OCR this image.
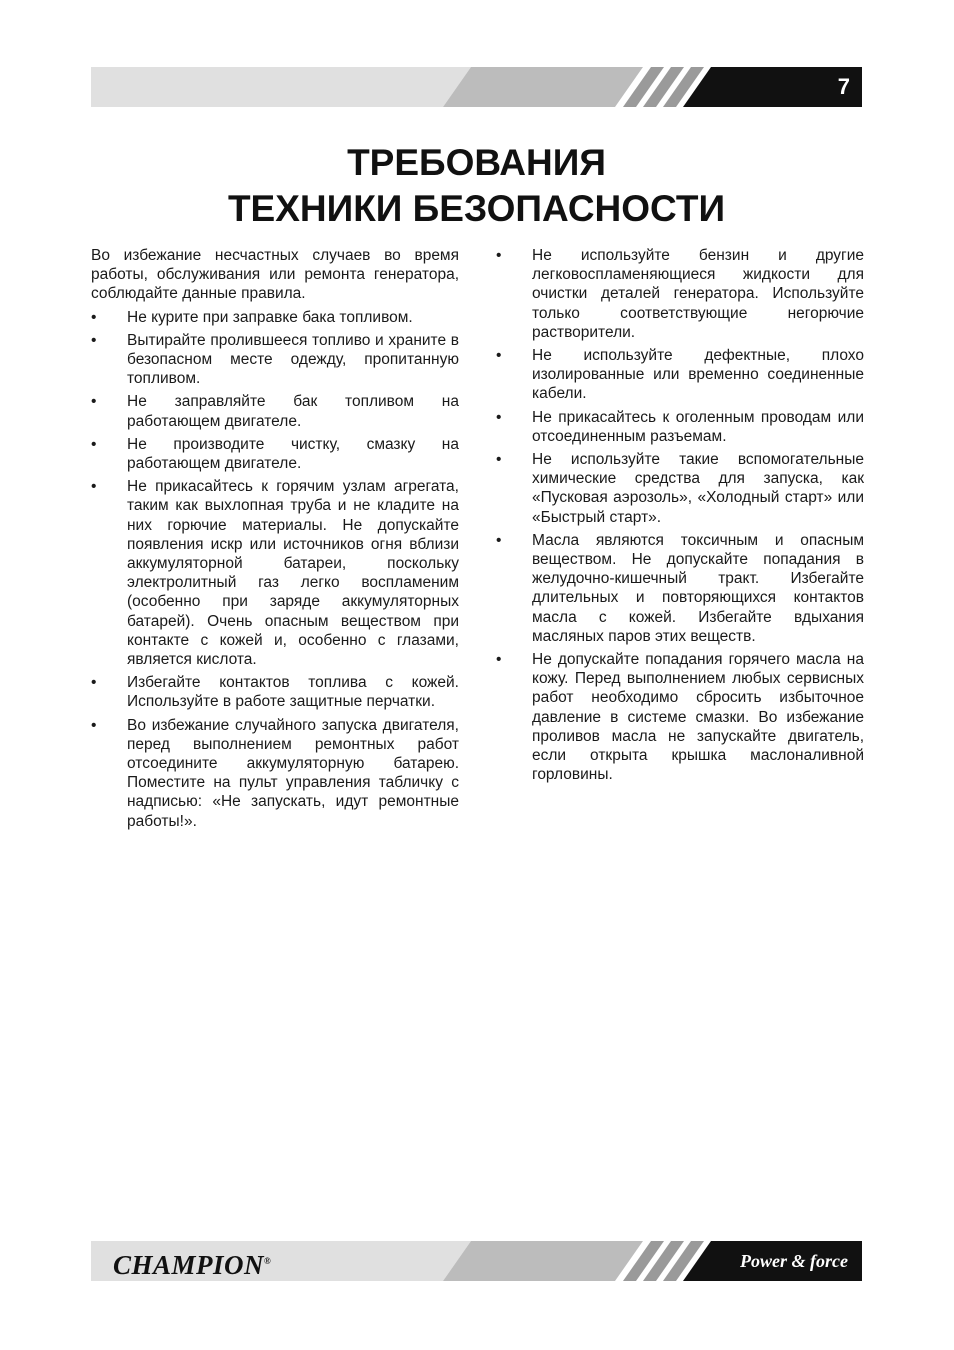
7
ТРЕБОВАНИЯ
ТЕХНИКИ БЕЗОПАСНОСТИ

Во избежание несчастных случаев во время работы, обслуживания или ремонта генератора, соблюдайте данные правила.

• Не курите при заправке бака топливом.
• Вытирайте пролившееся топливо и храните в безопасном месте одежду, пропитанную топливом.
• Не заправляйте бак топливом на работающем двигателе.
• Не производите чистку, смазку на работающем двигателе.
• Не прикасайтесь к горячим узлам агрегата, таким как выхлопная труба и не кладите на них горючие материалы. Не допускайте появления искр или источников огня вблизи аккумуляторной батареи, поскольку электролитный газ легко воспламеним (особенно при заряде аккумуляторных батарей). Очень опасным веществом при контакте с кожей и, особенно с глазами, является кислота.
• Избегайте контактов топлива с кожей. Используйте в работе защитные перчатки.
• Во избежание случайного запуска двигателя, перед выполнением ремонтных работ отсоедините аккумуляторную батарею. Поместите на пульт управления табличку с надписью: «Не запускать, идут ремонтные работы!».
• Не используйте бензин и другие легковоспламеняющиеся жидкости для очистки деталей генератора. Используйте только соответствующие негорючие растворители.
• Не используйте дефектные, плохо изолированные или временно соединенные кабели.
• Не прикасайтесь к оголенным проводам или отсоединенным разъемам.
• Не используйте такие вспомогательные химические средства для запуска, как «Пусковая аэрозоль», «Холодный старт» или «Быстрый старт».
• Масла являются токсичным и опасным веществом. Не допускайте попадания в желудочно-кишечный тракт. Избегайте длительных и повторяющихся контактов масла с кожей. Избегайте вдыхания масляных паров этих веществ.
• Не допускайте попадания горячего масла на кожу. Перед выполнением любых сервисных работ необходимо сбросить избыточное давление в системе смазки. Во избежание проливов масла не запускайте двигатель, если открыта крышка маслоналивной горловины.
CHAMPION®	Power & force
